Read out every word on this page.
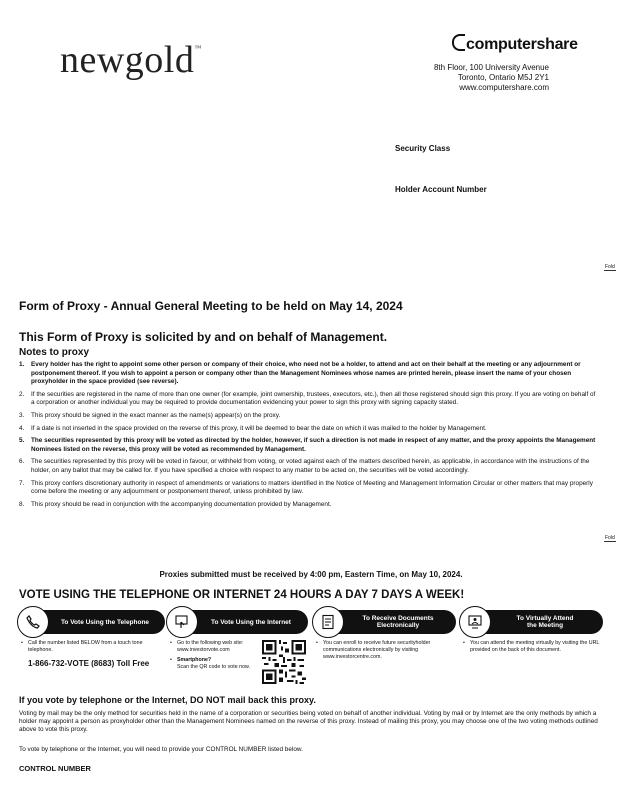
newgold™	computershare
8th Floor, 100 University Avenue
Toronto, Ontario M5J 2Y1
www.computershare.com
Security Class
Holder Account Number
Fold
Form of Proxy - Annual General Meeting to be held on May 14, 2024
This Form of Proxy is solicited by and on behalf of Management.
Notes to proxy
1.	Every holder has the right to appoint some other person or company of their choice, who need not be a holder, to attend and act on their behalf at the meeting or any adjournment or postponement thereof. If you wish to appoint a person or company other than the Management Nominees whose names are printed herein, please insert the name of your chosen proxyholder in the space provided (see reverse).
2.	If the securities are registered in the name of more than one owner (for example, joint ownership, trustees, executors, etc.), then all those registered should sign this proxy. If you are voting on behalf of a corporation or another individual you may be required to provide documentation evidencing your power to sign this proxy with signing capacity stated.
3.	This proxy should be signed in the exact manner as the name(s) appear(s) on the proxy.
4.	If a date is not inserted in the space provided on the reverse of this proxy, it will be deemed to bear the date on which it was mailed to the holder by Management.
5.	The securities represented by this proxy will be voted as directed by the holder, however, if such a direction is not made in respect of any matter, and the proxy appoints the Management Nominees listed on the reverse, this proxy will be voted as recommended by Management.
6.	The securities represented by this proxy will be voted in favour, or withheld from voting, or voted against each of the matters described herein, as applicable, in accordance with the instructions of the holder, on any ballot that may be called for. If you have specified a choice with respect to any matter to be acted on, the securities will be voted accordingly.
7.	This proxy confers discretionary authority in respect of amendments or variations to matters identified in the Notice of Meeting and Management Information Circular or other matters that may properly come before the meeting or any adjournment or postponement thereof, unless prohibited by law.
8.	This proxy should be read in conjunction with the accompanying documentation provided by Management.
Fold
Proxies submitted must be received by 4:00 pm, Eastern Time, on May 10, 2024.
VOTE USING THE TELEPHONE OR INTERNET 24 HOURS A DAY 7 DAYS A WEEK!
To Vote Using the Telephone	To Vote Using the Internet	To Receive Documents
Electronically
To Virtually Attend
the Meeting
• Call the number listed BELOW from a touch tone telephone.
1-866-732-VOTE (8683) Toll Free
• Go to the following web site: www.investorvote.com
• Smartphone?
Scan the QR code to vote now.
• You can enroll to receive future securityholder communications electronically by visiting www.investorcentre.com.
• You can attend the meeting virtually by visiting the URL provided on the back of this document.
If you vote by telephone or the Internet, DO NOT mail back this proxy.
Voting by mail may be the only method for securities held in the name of a corporation or securities being voted on behalf of another individual. Voting by mail or by Internet are the only methods by which a holder may appoint a person as proxyholder other than the Management Nominees named on the reverse of this proxy. Instead of mailing this proxy, you may choose one of the two voting methods outlined above to vote this proxy.
To vote by telephone or the Internet, you will need to provide your CONTROL NUMBER listed below.
CONTROL NUMBER
